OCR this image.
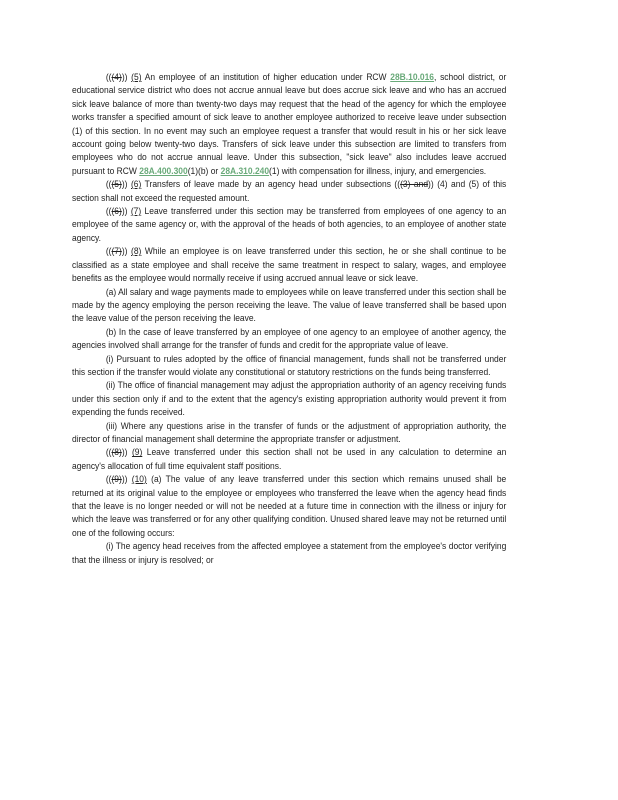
(((4))) (5) An employee of an institution of higher education under RCW 28B.10.016, school district, or educational service district who does not accrue annual leave but does accrue sick leave and who has an accrued sick leave balance of more than twenty-two days may request that the head of the agency for which the employee works transfer a specified amount of sick leave to another employee authorized to receive leave under subsection (1) of this section. In no event may such an employee request a transfer that would result in his or her sick leave account going below twenty-two days. Transfers of sick leave under this subsection are limited to transfers from employees who do not accrue annual leave. Under this subsection, "sick leave" also includes leave accrued pursuant to RCW 28A.400.300(1)(b) or 28A.310.240(1) with compensation for illness, injury, and emergencies.

(((5))) (6) Transfers of leave made by an agency head under subsections (((3) and)) (4) and (5) of this section shall not exceed the requested amount.

(((6))) (7) Leave transferred under this section may be transferred from employees of one agency to an employee of the same agency or, with the approval of the heads of both agencies, to an employee of another state agency.

(((7))) (8) While an employee is on leave transferred under this section, he or she shall continue to be classified as a state employee and shall receive the same treatment in respect to salary, wages, and employee benefits as the employee would normally receive if using accrued annual leave or sick leave.

(a) All salary and wage payments made to employees while on leave transferred under this section shall be made by the agency employing the person receiving the leave. The value of leave transferred shall be based upon the leave value of the person receiving the leave.

(b) In the case of leave transferred by an employee of one agency to an employee of another agency, the agencies involved shall arrange for the transfer of funds and credit for the appropriate value of leave.

(i) Pursuant to rules adopted by the office of financial management, funds shall not be transferred under this section if the transfer would violate any constitutional or statutory restrictions on the funds being transferred.

(ii) The office of financial management may adjust the appropriation authority of an agency receiving funds under this section only if and to the extent that the agency's existing appropriation authority would prevent it from expending the funds received.

(iii) Where any questions arise in the transfer of funds or the adjustment of appropriation authority, the director of financial management shall determine the appropriate transfer or adjustment.

(((8))) (9) Leave transferred under this section shall not be used in any calculation to determine an agency's allocation of full time equivalent staff positions.

(((9))) (10) (a) The value of any leave transferred under this section which remains unused shall be returned at its original value to the employee or employees who transferred the leave when the agency head finds that the leave is no longer needed or will not be needed at a future time in connection with the illness or injury for which the leave was transferred or for any other qualifying condition. Unused shared leave may not be returned until one of the following occurs:

(i) The agency head receives from the affected employee a statement from the employee's doctor verifying that the illness or injury is resolved; or
